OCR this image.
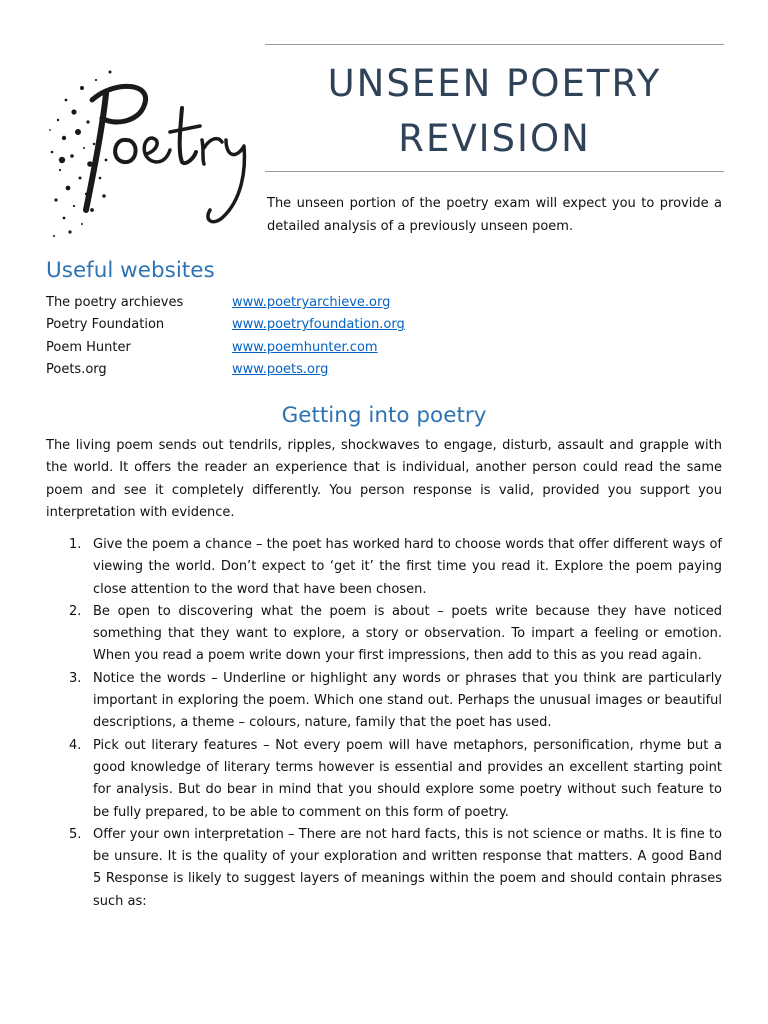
UNSEEN POETRY
REVISION
The unseen portion of the poetry exam will expect you to provide a detailed analysis of a previously unseen poem.
Useful websites
The poetry archieves	www.poetryarchieve.org
Poetry Foundation	www.poetryfoundation.org
Poem Hunter	www.poemhunter.com
Poets.org	www.poets.org
Getting into poetry

The living poem sends out tendrils, ripples, shockwaves to engage, disturb, assault and grapple with the world. It offers the reader an experience that is individual, another person could read the same poem and see it completely differently. You person response is valid, provided you support you interpretation with evidence.

1. Give the poem a chance – the poet has worked hard to choose words that offer different ways of viewing the world. Don’t expect to ‘get it’ the first time you read it. Explore the poem paying close attention to the word that have been chosen.
2. Be open to discovering what the poem is about – poets write because they have noticed something that they want to explore, a story or observation. To impart a feeling or emotion. When you read a poem write down your first impressions, then add to this as you read again.
3. Notice the words – Underline or highlight any words or phrases that you think are particularly important in exploring the poem. Which one stand out. Perhaps the unusual images or beautiful descriptions, a theme – colours, nature, family that the poet has used.
4. Pick out literary features – Not every poem will have metaphors, personification, rhyme but a good knowledge of literary terms however is essential and provides an excellent starting point for analysis. But do bear in mind that you should explore some poetry without such feature to be fully prepared, to be able to comment on this form of poetry.
5. Offer your own interpretation – There are not hard facts, this is not science or maths. It is fine to be unsure. It is the quality of your exploration and written response that matters. A good Band 5 Response is likely to suggest layers of meanings within the poem and should contain phrases such as:
